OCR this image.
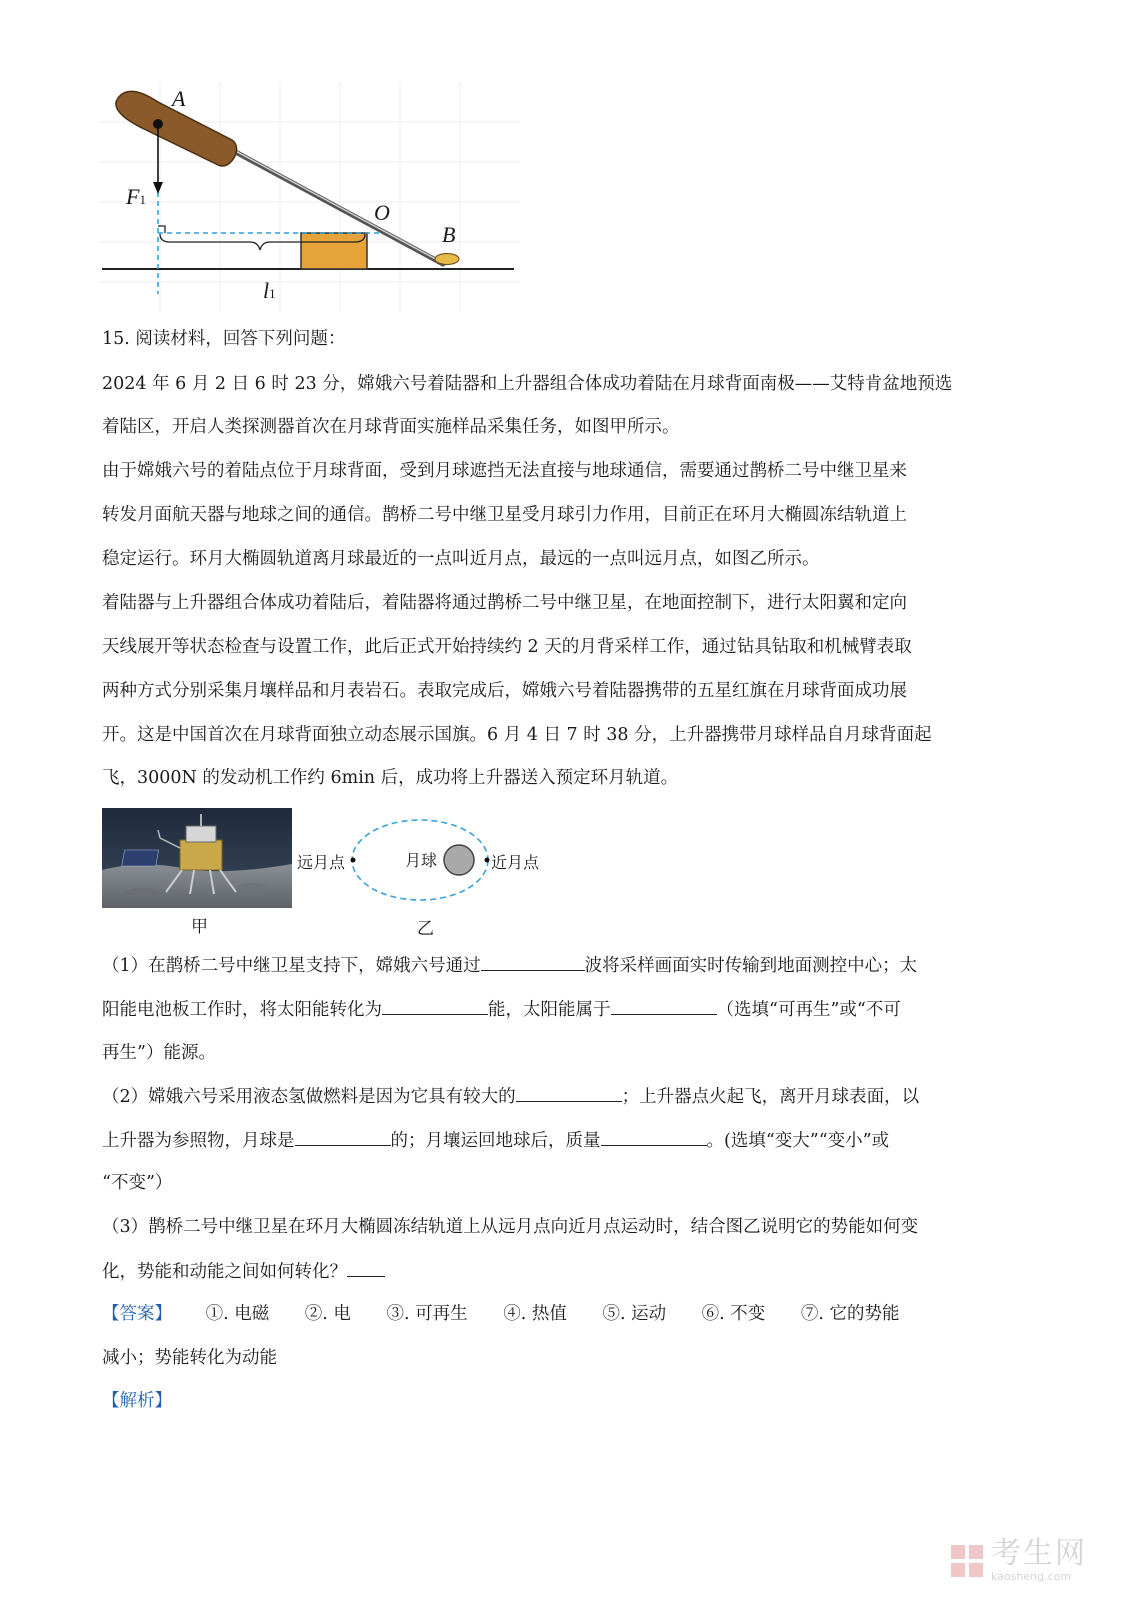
A
F1
O
B
l1
15. 阅读材料，回答下列问题：
2024 年 6 月 2 日 6 时 23 分，嫦娥六号着陆器和上升器组合体成功着陆在月球背面南极——艾特肯盆地预选
着陆区，开启人类探测器首次在月球背面实施样品采集任务，如图甲所示。
由于嫦娥六号的着陆点位于月球背面，受到月球遮挡无法直接与地球通信，需要通过鹊桥二号中继卫星来
转发月面航天器与地球之间的通信。鹊桥二号中继卫星受月球引力作用，目前正在环月大椭圆冻结轨道上
稳定运行。环月大椭圆轨道离月球最近的一点叫近月点，最远的一点叫远月点，如图乙所示。
着陆器与上升器组合体成功着陆后，着陆器将通过鹊桥二号中继卫星，在地面控制下，进行太阳翼和定向
天线展开等状态检查与设置工作，此后正式开始持续约 2 天的月背采样工作，通过钻具钻取和机械臂表取
两种方式分别采集月壤样品和月表岩石。表取完成后，嫦娥六号着陆器携带的五星红旗在月球背面成功展
开。这是中国首次在月球背面独立动态展示国旗。6 月 4 日 7 时 38 分，上升器携带月球样品自月球背面起
飞，3000N 的发动机工作约 6min 后，成功将上升器送入预定环月轨道。
甲
远月点	月球	近月点
乙
（1）在鹊桥二号中继卫星支持下，嫦娥六号通过	波将采样画面实时传输到地面测控中心；太
阳能电池板工作时，将太阳能转化为	能，太阳能属于	（选填“可再生”或“不可
再生”）能源。
（2）嫦娥六号采用液态氢做燃料是因为它具有较大的	；上升器点火起飞，离开月球表面，以
上升器为参照物，月球是	的；月壤运回地球后，质量	。(选填“变大”“变小”或
“不变”）
（3）鹊桥二号中继卫星在环月大椭圆冻结轨道上从远月点向近月点运动时，结合图乙说明它的势能如何变
化，势能和动能之间如何转化？
【答案】 ①. 电磁 ②. 电 ③. 可再生 ④. 热值 ⑤. 运动 ⑥. 不变 ⑦. 它的势能
减小；势能转化为动能
【解析】
考生网
kaosheng.com
